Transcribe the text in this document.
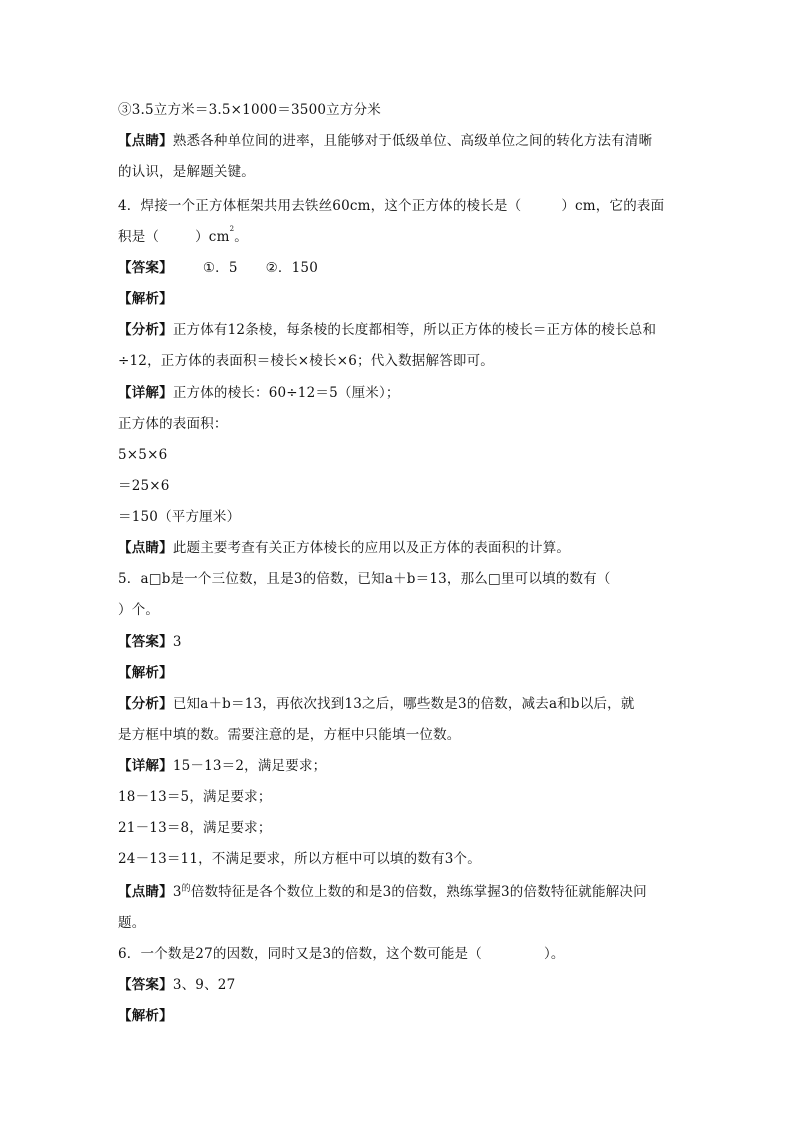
③3.5立方米＝3.5×1000＝3500立方分米
【点睛】熟悉各种单位间的进率，且能够对于低级单位、高级单位之间的转化方法有清晰
的认识，是解题关键。
4．焊接一个正方体框架共用去铁丝60cm，这个正方体的棱长是（	）cm，它的表面
积是（	）$cm^2$。
【答案】 ①．5 ②．150
【解析】
【分析】正方体有12条棱，每条棱的长度都相等，所以正方体的棱长＝正方体的棱长总和
÷12，正方体的表面积＝棱长×棱长×6；代入数据解答即可。
【详解】正方体的棱长：60÷12＝5（厘米）；
正方体的表面积：
5×5×6
＝25×6
＝150（平方厘米）
【点睛】此题主要考查有关正方体棱长的应用以及正方体的表面积的计算。
5．a□b是一个三位数，且是3的倍数，已知a＋b＝13，那么□里可以填的数有（
）个。
【答案】3
【解析】
【分析】已知a＋b＝13，再依次找到13之后，哪些数是3的倍数，减去a和b以后，就
是方框中填的数。需要注意的是，方框中只能填一位数。
【详解】15－13＝2，满足要求；
18－13＝5，满足要求；
21－13＝8，满足要求；
24－13＝11，不满足要求，所以方框中可以填的数有3个。
【点睛】$3^的$倍数特征是各个数位上数的和是3的倍数，熟练掌握3的倍数特征就能解决问
题。
6．一个数是27的因数，同时又是3的倍数，这个数可能是（	）。
【答案】3、9、27
【解析】
